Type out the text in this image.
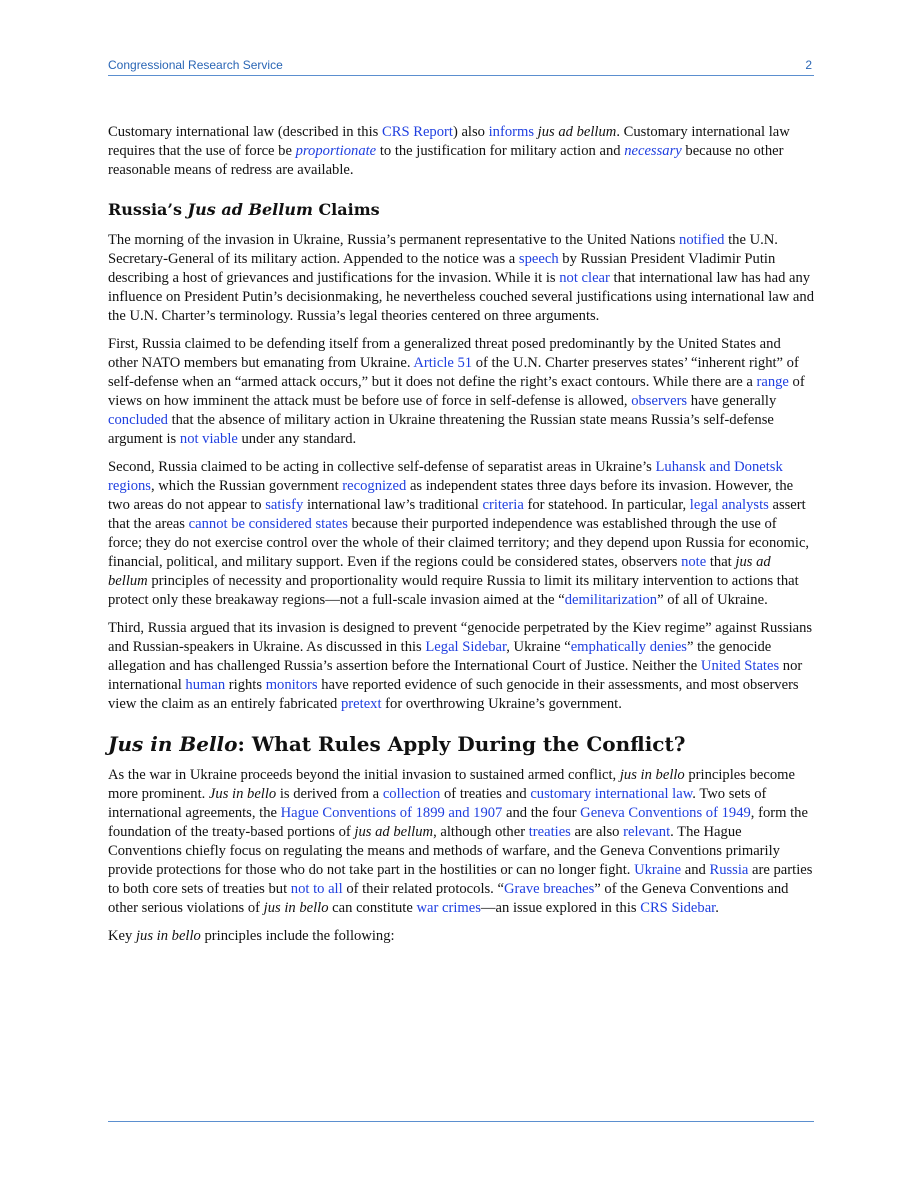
Congressional Research Service	2

Customary international law (described in this CRS Report) also informs jus ad bellum. Customary international law requires that the use of force be proportionate to the justification for military action and necessary because no other reasonable means of redress are available.

Russia’s Jus ad Bellum Claims

The morning of the invasion in Ukraine, Russia’s permanent representative to the United Nations notified the U.N. Secretary-General of its military action. Appended to the notice was a speech by Russian President Vladimir Putin describing a host of grievances and justifications for the invasion. While it is not clear that international law has had any influence on President Putin’s decisionmaking, he nevertheless couched several justifications using international law and the U.N. Charter’s terminology. Russia’s legal theories centered on three arguments.

First, Russia claimed to be defending itself from a generalized threat posed predominantly by the United States and other NATO members but emanating from Ukraine. Article 51 of the U.N. Charter preserves states’ “inherent right” of self-defense when an “armed attack occurs,” but it does not define the right’s exact contours. While there are a range of views on how imminent the attack must be before use of force in self-defense is allowed, observers have generally concluded that the absence of military action in Ukraine threatening the Russian state means Russia’s self-defense argument is not viable under any standard.

Second, Russia claimed to be acting in collective self-defense of separatist areas in Ukraine’s Luhansk and Donetsk regions, which the Russian government recognized as independent states three days before its invasion. However, the two areas do not appear to satisfy international law’s traditional criteria for statehood. In particular, legal analysts assert that the areas cannot be considered states because their purported independence was established through the use of force; they do not exercise control over the whole of their claimed territory; and they depend upon Russia for economic, financial, political, and military support. Even if the regions could be considered states, observers note that jus ad bellum principles of necessity and proportionality would require Russia to limit its military intervention to actions that protect only these breakaway regions—not a full-scale invasion aimed at the “demilitarization” of all of Ukraine.

Third, Russia argued that its invasion is designed to prevent “genocide perpetrated by the Kiev regime” against Russians and Russian-speakers in Ukraine. As discussed in this Legal Sidebar, Ukraine “emphatically denies” the genocide allegation and has challenged Russia’s assertion before the International Court of Justice. Neither the United States nor international human rights monitors have reported evidence of such genocide in their assessments, and most observers view the claim as an entirely fabricated pretext for overthrowing Ukraine’s government.

Jus in Bello: What Rules Apply During the Conflict?

As the war in Ukraine proceeds beyond the initial invasion to sustained armed conflict, jus in bello principles become more prominent. Jus in bello is derived from a collection of treaties and customary international law. Two sets of international agreements, the Hague Conventions of 1899 and 1907 and the four Geneva Conventions of 1949, form the foundation of the treaty-based portions of jus ad bellum, although other treaties are also relevant. The Hague Conventions chiefly focus on regulating the means and methods of warfare, and the Geneva Conventions primarily provide protections for those who do not take part in the hostilities or can no longer fight. Ukraine and Russia are parties to both core sets of treaties but not to all of their related protocols. “Grave breaches” of the Geneva Conventions and other serious violations of jus in bello can constitute war crimes—an issue explored in this CRS Sidebar.

Key jus in bello principles include the following:
